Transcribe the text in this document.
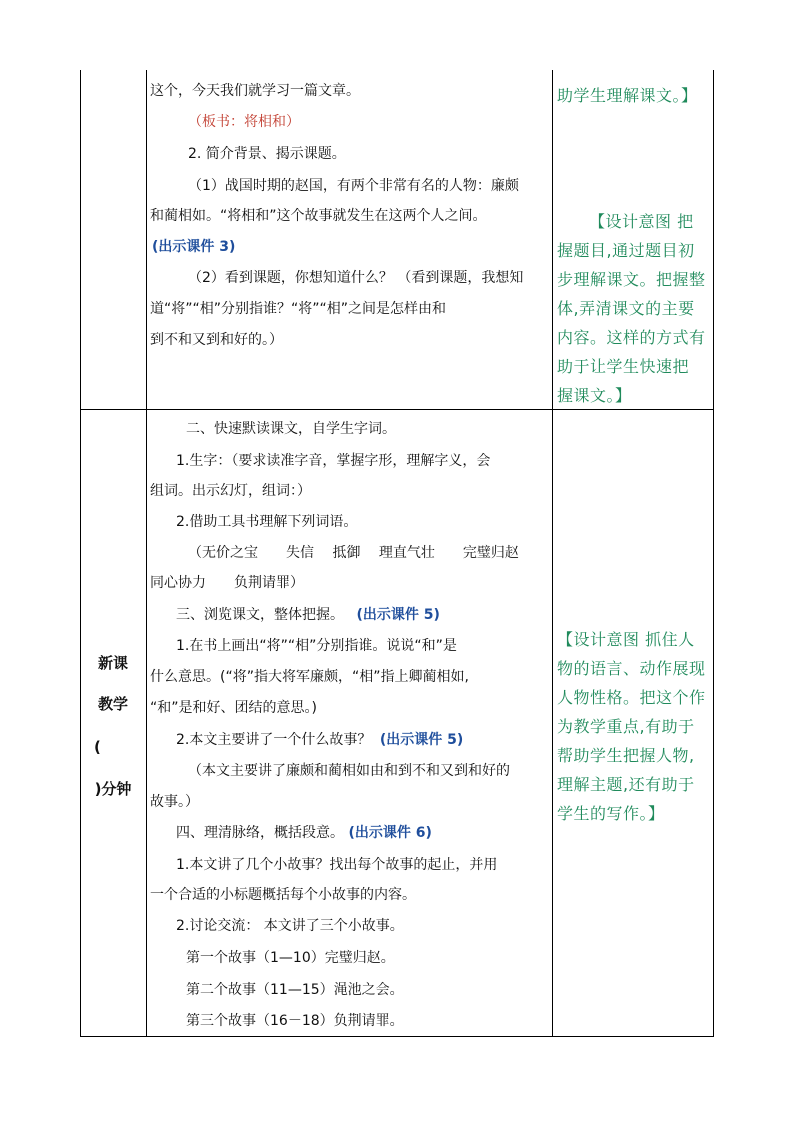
这个，今天我们就学习一篇文章。
（板书：将相和）
2. 简介背景、揭示课题。
（1）战国时期的赵国，有两个非常有名的人物：廉颇
和蔺相如。“将相和”这个故事就发生在这两个人之间。
(出示课件 3)
（2）看到课题，你想知道什么？ （看到课题，我想知
道“将”“相”分别指谁？“将”“相”之间是怎样由和
到不和又到和好的。）
助学生理解课文。】
【设计意图 把
握题目,通过题目初
步理解课文。把握整
体,弄清课文的主要
内容。这样的方式有
助于让学生快速把
握课文。】
新课
教学
(
)分钟
二、快速默读课文，自学生字词。
1.生字：（要求读准字音，掌握字形，理解字义，会
组词。出示幻灯，组词：）
2.借助工具书理解下列词语。
（无价之宝　　失信　 抵御　 理直气壮　　完璧归赵
同心协力　　负荆请罪）
三、浏览课文，整体把握。 (出示课件 5)
1.在书上画出“将”“相”分别指谁。说说“和”是
什么意思。(“将”指大将军廉颇，“相”指上卿蔺相如,
“和”是和好、团结的意思。)
2.本文主要讲了一个什么故事？ (出示课件 5)
（本文主要讲了廉颇和蔺相如由和到不和又到和好的
故事。）
四、理清脉络，概括段意。 (出示课件 6)
1.本文讲了几个小故事？找出每个故事的起止，并用
一个合适的小标题概括每个小故事的内容。
2.讨论交流： 本文讲了三个小故事。
第一个故事（1—10）完璧归赵。
第二个故事（11—15）渑池之会。
第三个故事（16－18）负荆请罪。
【设计意图 抓住人
物的语言、动作展现
人物性格。把这个作
为教学重点,有助于
帮助学生把握人物,
理解主题,还有助于
学生的写作。】
